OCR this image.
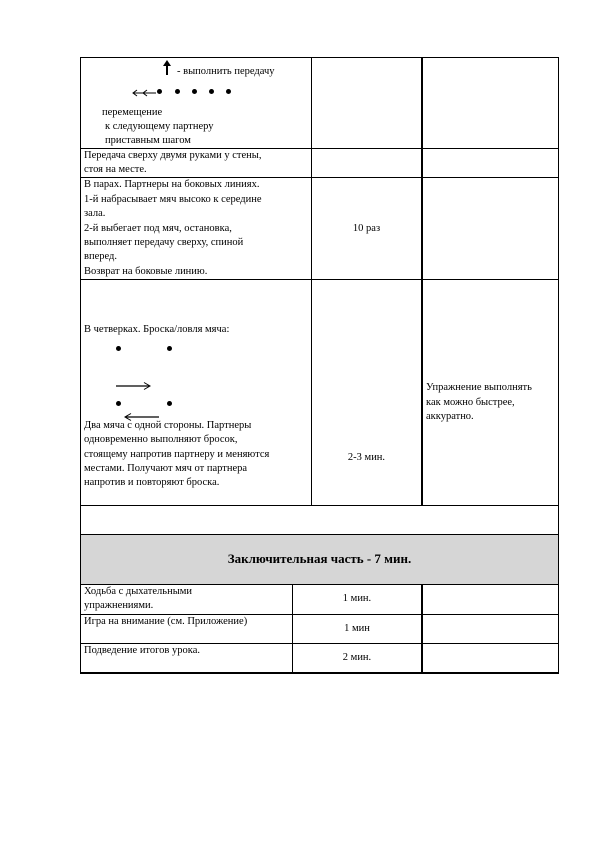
- выполнить передачу
перемещение
к следующему партнеру
приставным шагом
Передача сверху двумя руками у стены,
стоя на месте.
В парах. Партнеры на боковых линиях.
1-й набрасывает мяч высоко к середине
зала.
2-й выбегает под мяч, остановка,
выполняет передачу сверху, спиной
вперед.
Возврат на боковые линию.
10 раз
В четверках. Броска/ловля мяча:
Два мяча с одной стороны. Партнеры
одновременно выполняют бросок,
стоящему напротив партнеру и меняются
местами. Получают мяч от партнера
напротив и повторяют броска.
2-3 мин.
Упражнение выполнять
как можно быстрее,
аккуратно.
Заключительная часть - 7 мин.
Ходьба с дыхательными
упражнениями.
1 мин.
Игра на внимание (см. Приложение)
1 мин
Подведение итогов урока.
2 мин.
